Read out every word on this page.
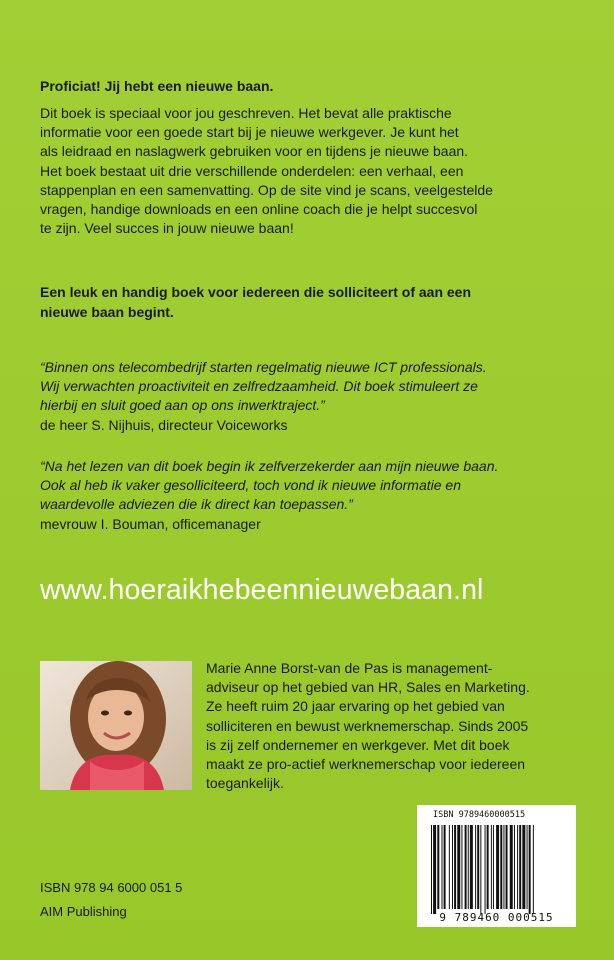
Proficiat! Jij hebt een nieuwe baan.
Dit boek is speciaal voor jou geschreven. Het bevat alle praktische
informatie voor een goede start bij je nieuwe werkgever. Je kunt het
als leidraad en naslagwerk gebruiken voor en tijdens je nieuwe baan.
Het boek bestaat uit drie verschillende onderdelen: een verhaal, een
stappenplan en een samenvatting. Op de site vind je scans, veelgestelde
vragen, handige downloads en een online coach die je helpt succesvol
te zijn. Veel succes in jouw nieuwe baan!
Een leuk en handig boek voor iedereen die solliciteert of aan een
nieuwe baan begint.
“Binnen ons telecombedrijf starten regelmatig nieuwe ICT professionals.
Wij verwachten proactiviteit en zelfredzaamheid. Dit boek stimuleert ze
hierbij en sluit goed aan op ons inwerktraject.”
de heer S. Nijhuis, directeur Voiceworks
“Na het lezen van dit boek begin ik zelfverzekerder aan mijn nieuwe baan.
Ook al heb ik vaker gesolliciteerd, toch vond ik nieuwe informatie en
waardevolle adviezen die ik direct kan toepassen.”
mevrouw I. Bouman, officemanager
www.hoeraikhebeennieuwebaan.nl
Marie Anne Borst-van de Pas is management-
adviseur op het gebied van HR, Sales en Marketing.
Ze heeft ruim 20 jaar ervaring op het gebied van
solliciteren en bewust werknemerschap. Sinds 2005
is zij zelf ondernemer en werkgever. Met dit boek
maakt ze pro-actief werknemerschap voor iedereen
toegankelijk.
ISBN 978 94 6000 051 5
AIM Publishing
ISBN 9789460000515
9 789460 000515
